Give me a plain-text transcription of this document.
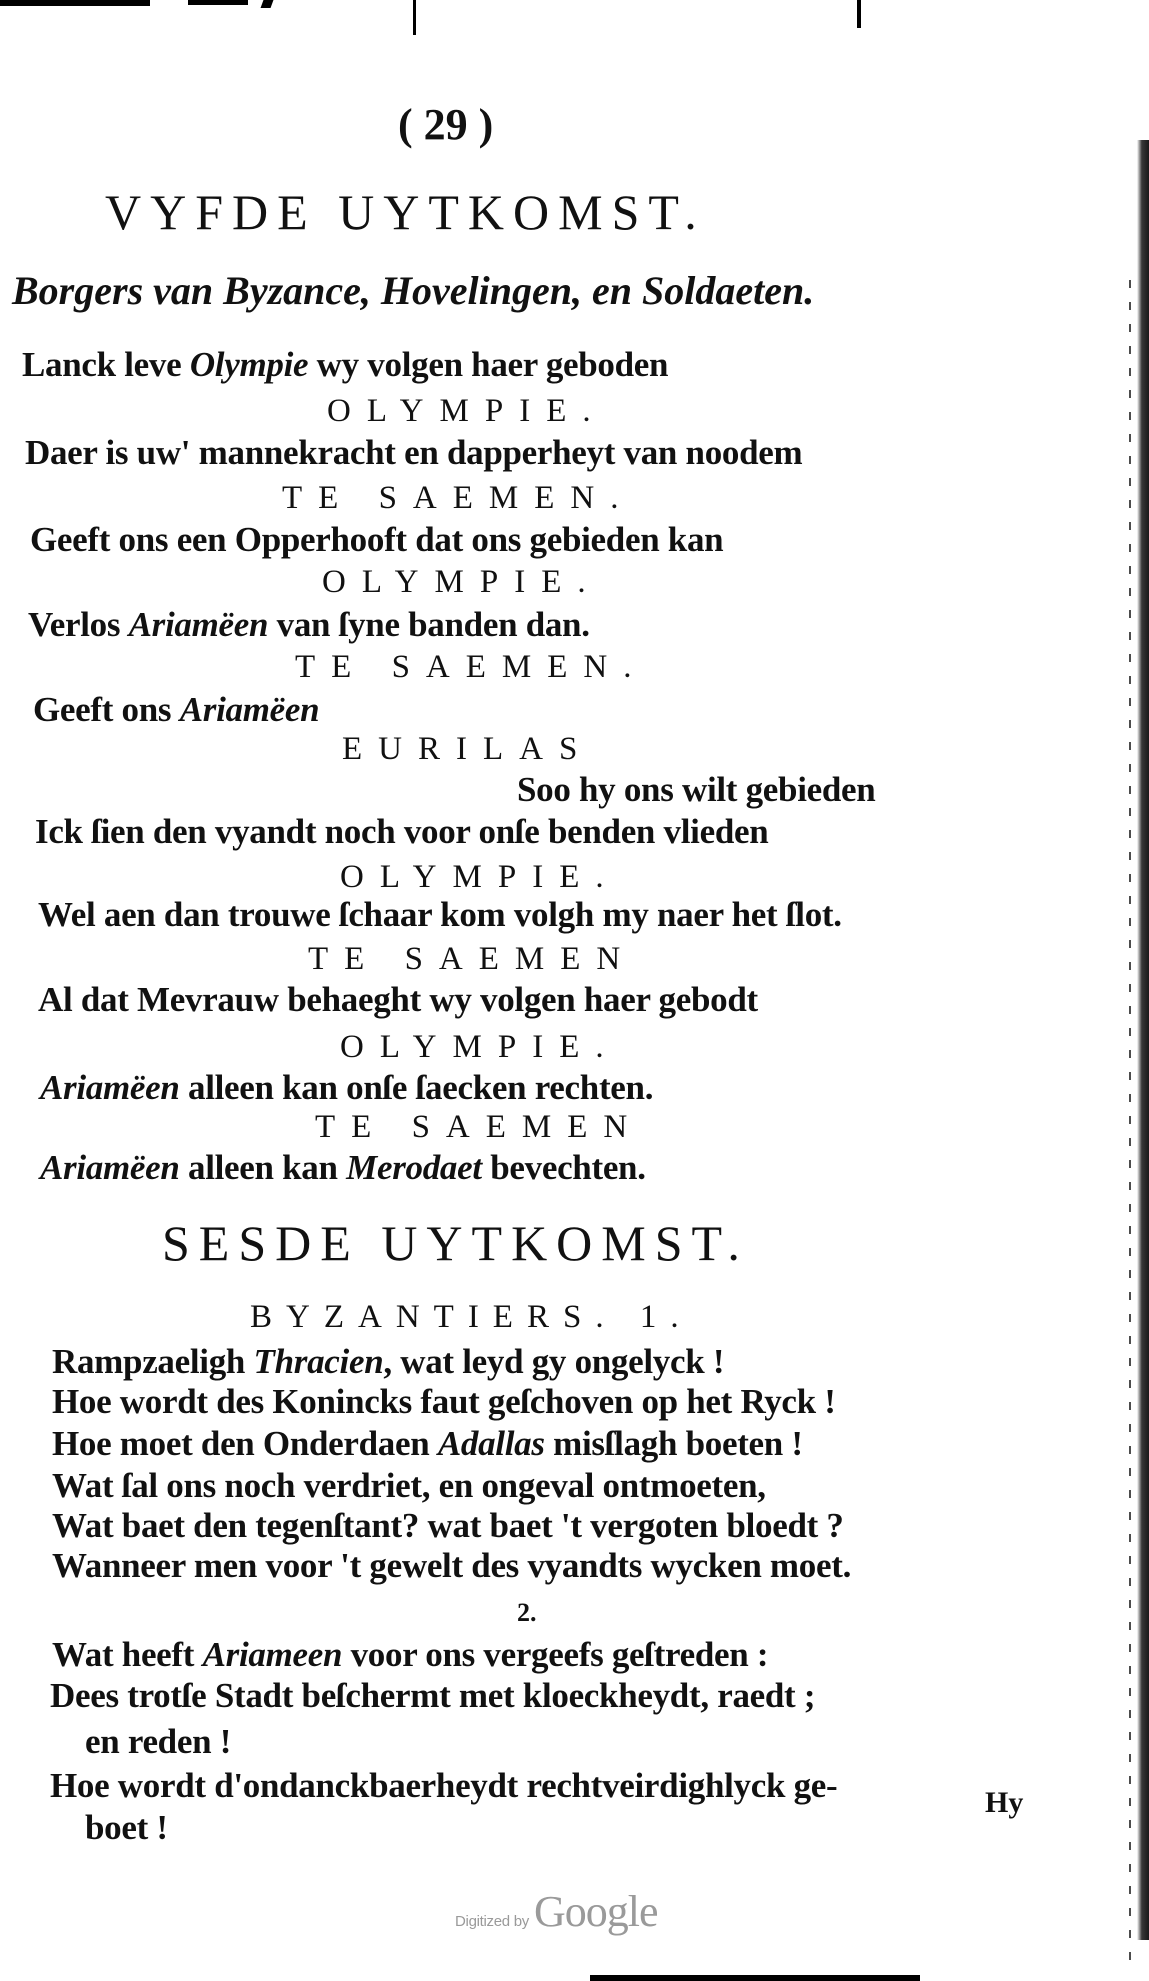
( 29 )
VYFDE UYTKOMST.
Borgers van Byzance, Hovelingen, en Soldaeten.
Lanck leve Olympie wy volgen haer geboden
OLYMPIE.
Daer is uw' mannekracht en dapperheyt van noodem
TE SAEMEN.
Geeft ons een Opperhooft dat ons gebieden kan
OLYMPIE.
Verlos Ariamëen van ſyne banden dan.
TE SAEMEN.
Geeft ons Ariamëen
EURILAS
Soo hy ons wilt gebieden
Ick ſien den vyandt noch voor onſe benden vlieden
OLYMPIE.
Wel aen dan trouwe ſchaar kom volgh my naer het ſlot.
TE SAEMEN
Al dat Mevrauw behaeght wy volgen haer gebodt
OLYMPIE.
Ariamëen alleen kan onſe ſaecken rechten.
TE SAEMEN
Ariamëen alleen kan Merodaet bevechten.
SESDE UYTKOMST.
BYZANTIERS. 1.
Rampzaeligh Thracien, wat leyd gy ongelyck !
Hoe wordt des Konincks faut geſchoven op het Ryck !
Hoe moet den Onderdaen Adallas misſlagh boeten !
Wat ſal ons noch verdriet, en ongeval ontmoeten,
Wat baet den tegenſtant? wat baet 't vergoten bloedt ?
Wanneer men voor 't gewelt des vyandts wycken moet.
2.
Wat heeft Ariameen voor ons vergeefs geſtreden :
Dees trotſe Stadt beſchermt met kloeckheydt, raedt ;
en reden !
Hoe wordt d'ondanckbaerheydt rechtveirdighlyck ge-
boet !
Hy
Digitized by Google
